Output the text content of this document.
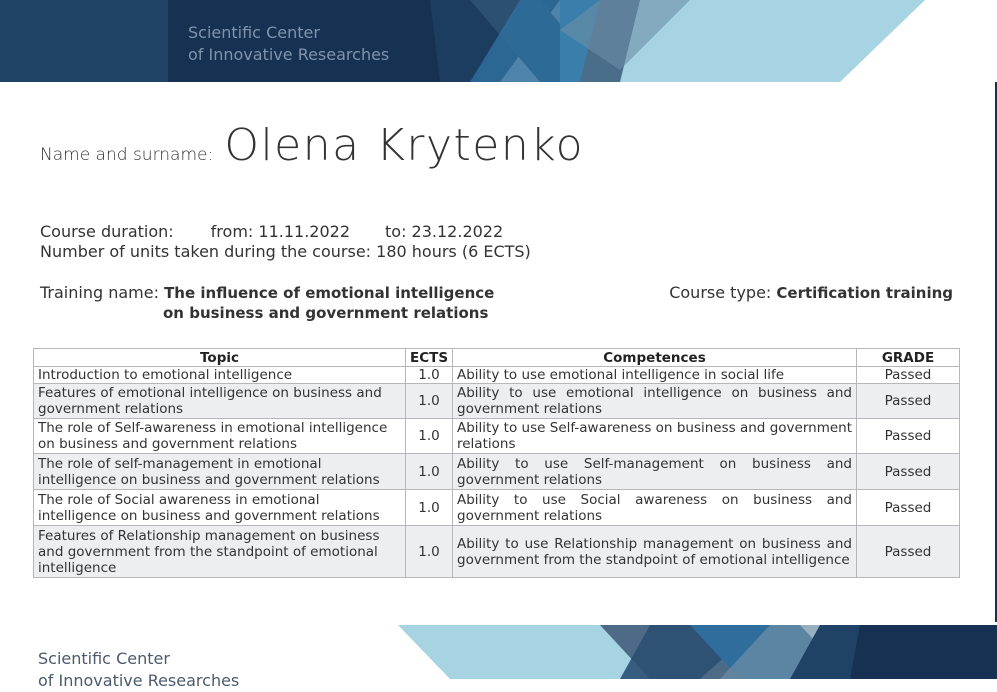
Scientific Center
of Innovative Researches
Name and surname: Olena Krytenko
Course duration: from: 11.11.2022 to: 23.12.2022
Number of units taken during the course: 180 hours (6 ECTS)
Training name: The influence of emotional intelligence
on business and government relations
Course type: Certification training
Topic	ECTS	Competences	GRADE
Introduction to emotional intelligence	1.0	Ability to use emotional intelligence in social life	Passed
Features of emotional intelligence on business and government relations	1.0	Ability to use emotional intelligence on business and government relations	Passed
The role of Self-awareness in emotional intelligence on business and government relations	1.0	Ability to use Self-awareness on business and government relations	Passed
The role of self-management in emotional intelligence on business and government relations	1.0	Ability to use Self-management on business and government relations	Passed
The role of Social awareness in emotional intelligence on business and government relations	1.0	Ability to use Social awareness on business and government relations	Passed
Features of Relationship management on business and government from the standpoint of emotional intelligence	1.0	Ability to use Relationship management on business and government from the standpoint of emotional intelligence	Passed
Scientific Center
of Innovative Researches
